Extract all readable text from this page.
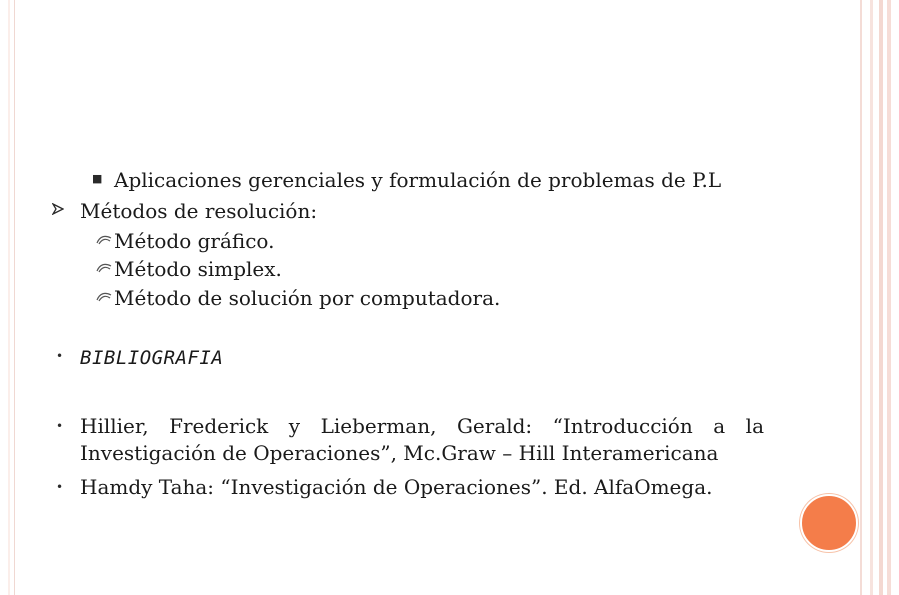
■ Aplicaciones gerenciales y formulación de problemas de P.L
Métodos de resolución:
Método gráfico.
Método simplex.
Método de solución por computadora.
• BIBLIOGRAFIA
• Hillier, Frederick y Lieberman, Gerald: “Introducción a la
Investigación de Operaciones”, Mc.Graw – Hill Interamericana
• Hamdy Taha: “Investigación de Operaciones”. Ed. AlfaOmega.
